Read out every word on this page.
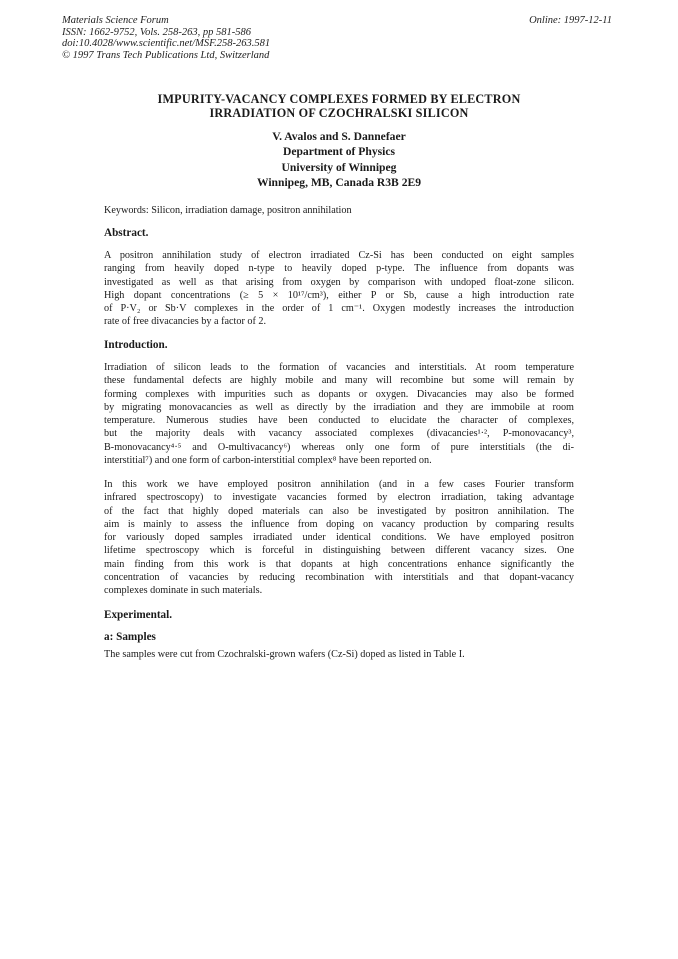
Materials Science Forum
ISSN: 1662-9752, Vols. 258-263, pp 581-586
doi:10.4028/www.scientific.net/MSF.258-263.581
© 1997 Trans Tech Publications Ltd, Switzerland
Online: 1997-12-11
IMPURITY-VACANCY COMPLEXES FORMED BY ELECTRON
IRRADIATION OF CZOCHRALSKI SILICON
V. Avalos and S. Dannefaer
Department of Physics
University of Winnipeg
Winnipeg, MB, Canada R3B 2E9
Keywords: Silicon, irradiation damage, positron annihilation
Abstract.
A positron annihilation study of electron irradiated Cz-Si has been conducted on eight samples
ranging from heavily doped n-type to heavily doped p-type. The influence from dopants was
investigated as well as that arising from oxygen by comparison with undoped float-zone silicon.
High dopant concentrations (≥ 5 × 10¹⁷/cm³), either P or Sb, cause a high introduction rate
of P·V₂ or Sb·V complexes in the order of 1 cm⁻¹. Oxygen modestly increases the introduction
rate of free divacancies by a factor of 2.
Introduction.
Irradiation of silicon leads to the formation of vacancies and interstitials. At room temperature
these fundamental defects are highly mobile and many will recombine but some will remain by
forming complexes with impurities such as dopants or oxygen. Divacancies may also be formed
by migrating monovacancies as well as directly by the irradiation and they are immobile at room
temperature. Numerous studies have been conducted to elucidate the character of complexes,
but the majority deals with vacancy associated complexes (divacancies¹·², P-monovacancy³,
B-monovacancy⁴·⁵ and O-multivacancy⁶) whereas only one form of pure interstitials (the di-
interstitial⁷) and one form of carbon-interstitial complex⁸ have been reported on.
In this work we have employed positron annihilation (and in a few cases Fourier transform
infrared spectroscopy) to investigate vacancies formed by electron irradiation, taking advantage
of the fact that highly doped materials can also be investigated by positron annihilation. The
aim is mainly to assess the influence from doping on vacancy production by comparing results
for variously doped samples irradiated under identical conditions. We have employed positron
lifetime spectroscopy which is forceful in distinguishing between different vacancy sizes. One
main finding from this work is that dopants at high concentrations enhance significantly the
concentration of vacancies by reducing recombination with interstitials and that dopant-vacancy
complexes dominate in such materials.
Experimental.
a: Samples
The samples were cut from Czochralski-grown wafers (Cz-Si) doped as listed in Table I.
